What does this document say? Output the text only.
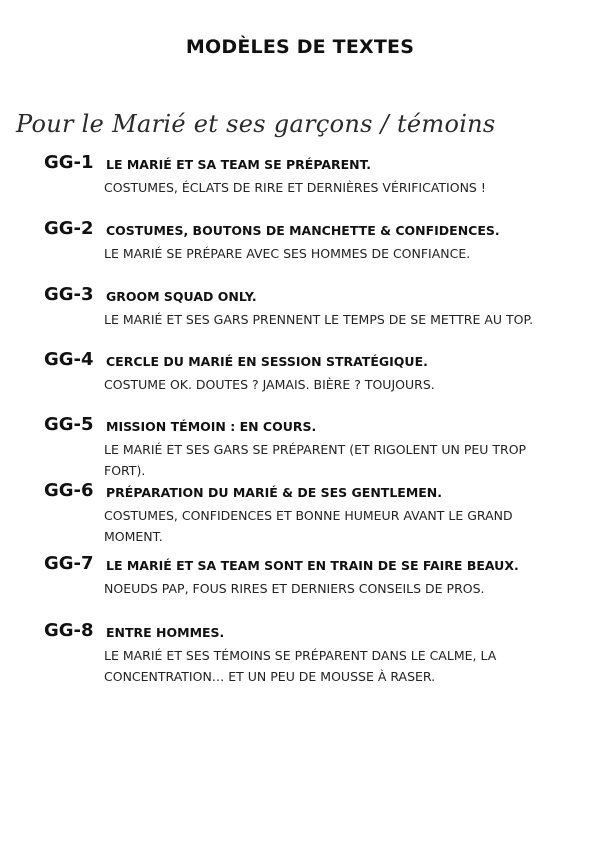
MODÈLES DE TEXTES
Pour le Marié et ses garçons / témoins
GG-1 LE MARIÉ ET SA TEAM SE PRÉPARENT.
COSTUMES, ÉCLATS DE RIRE ET DERNIÈRES VÉRIFICATIONS !
GG-2 COSTUMES, BOUTONS DE MANCHETTE & CONFIDENCES.
LE MARIÉ SE PRÉPARE AVEC SES HOMMES DE CONFIANCE.
GG-3 GROOM SQUAD ONLY.
LE MARIÉ ET SES GARS PRENNENT LE TEMPS DE SE METTRE AU TOP.
GG-4 CERCLE DU MARIÉ EN SESSION STRATÉGIQUE.
COSTUME OK. DOUTES ? JAMAIS. BIÈRE ? TOUJOURS.
GG-5 MISSION TÉMOIN : EN COURS.
LE MARIÉ ET SES GARS SE PRÉPARENT (ET RIGOLENT UN PEU TROP FORT).
GG-6 PRÉPARATION DU MARIÉ & DE SES GENTLEMEN.
COSTUMES, CONFIDENCES ET BONNE HUMEUR AVANT LE GRAND MOMENT.
GG-7 LE MARIÉ ET SA TEAM SONT EN TRAIN DE SE FAIRE BEAUX.
NOEUDS PAP, FOUS RIRES ET DERNIERS CONSEILS DE PROS.
GG-8 ENTRE HOMMES.
LE MARIÉ ET SES TÉMOINS SE PRÉPARENT DANS LE CALME, LA CONCENTRATION… ET UN PEU DE MOUSSE À RASER.
